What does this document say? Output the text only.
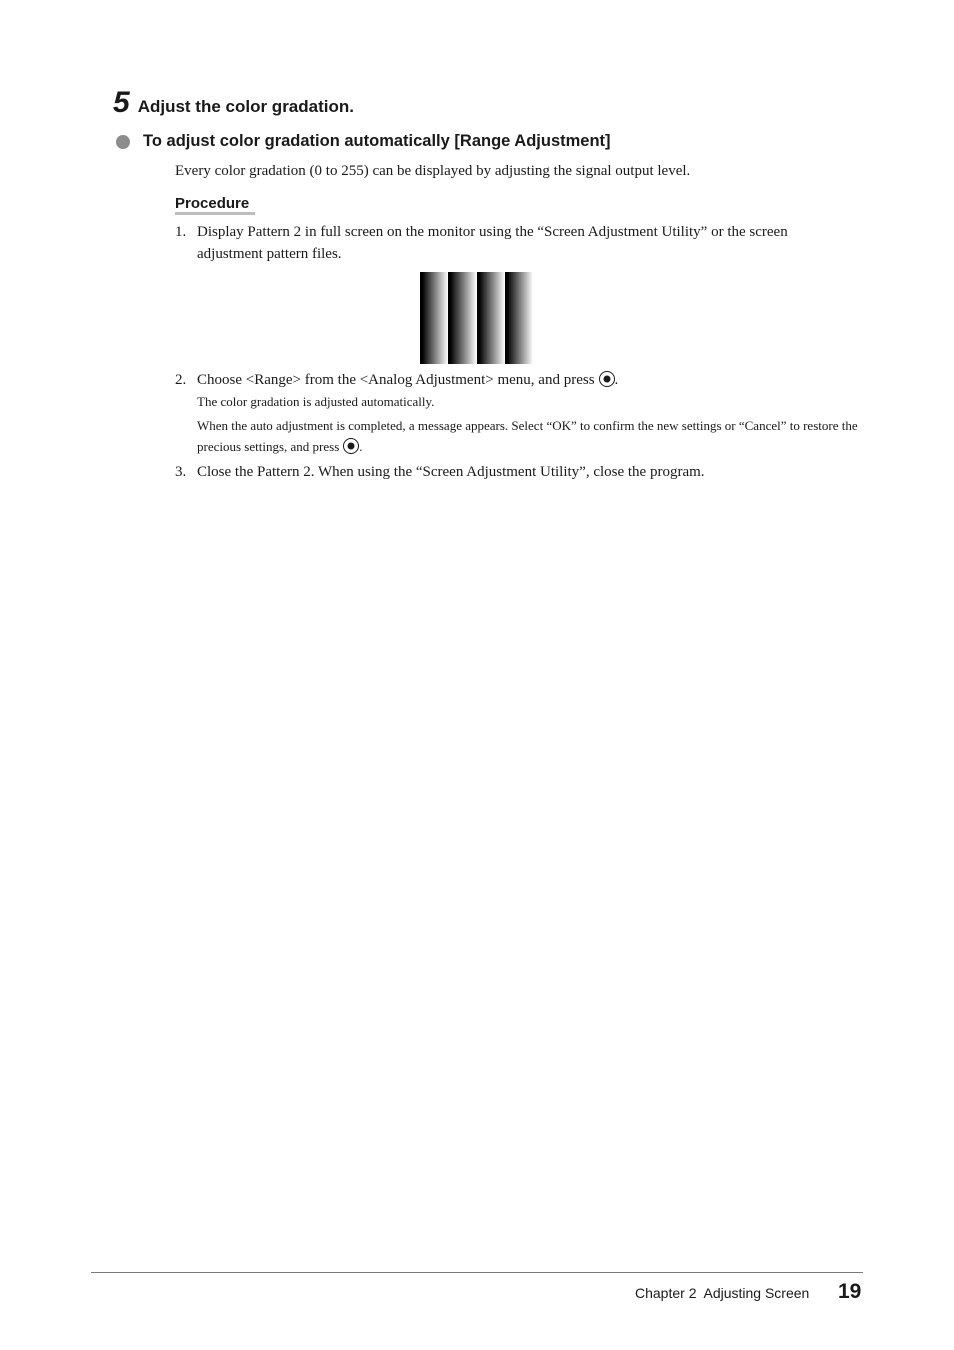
5 Adjust the color gradation.
To adjust color gradation automatically [Range Adjustment]
Every color gradation (0 to 255) can be displayed by adjusting the signal output level.
Procedure
1. Display Pattern 2 in full screen on the monitor using the “Screen Adjustment Utility” or the screen adjustment pattern files.
2. Choose <Range> from the <Analog Adjustment> menu, and press .
The color gradation is adjusted automatically.
When the auto adjustment is completed, a message appears. Select “OK” to confirm the new settings or “Cancel” to restore the precious settings, and press .
3. Close the Pattern 2. When using the “Screen Adjustment Utility”, close the program.
Chapter 2  Adjusting Screen 19
